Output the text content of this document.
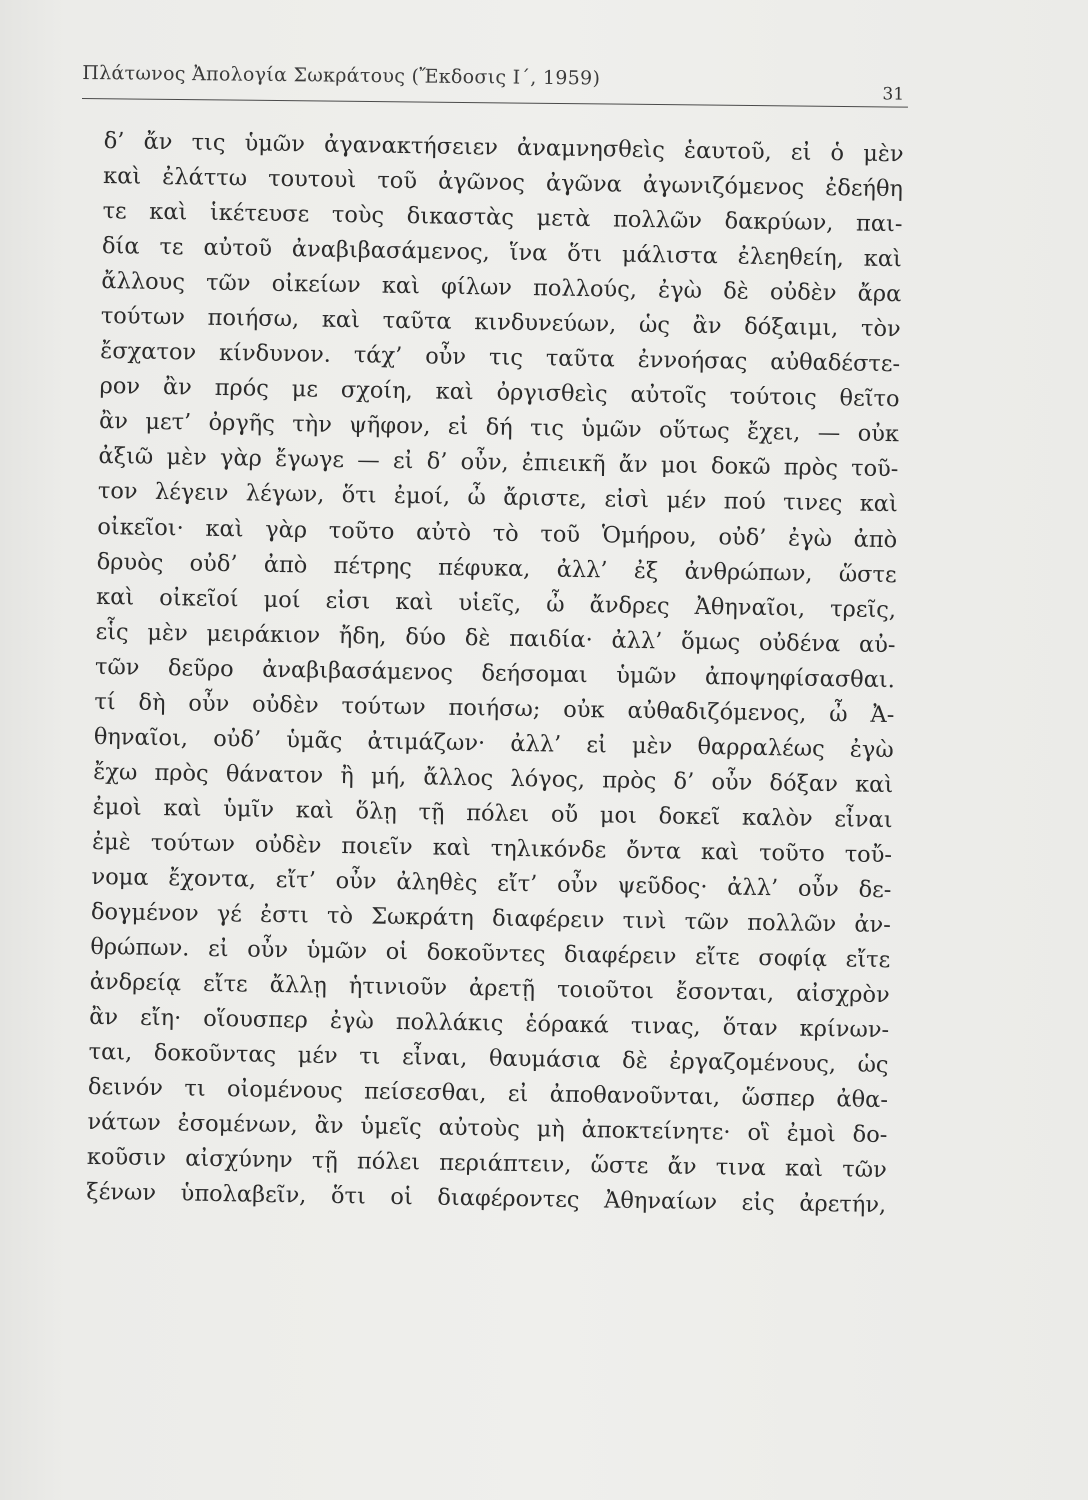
Πλάτωνος Ἀπολογία Σωκράτους (Ἔκδοσις Ι΄, 1959)
31
δ’ ἄν τις ὑμῶν ἀγανακτήσειεν ἀναμνησθεὶς ἑαυτοῦ, εἰ ὁ μὲν
καὶ ἐλάττω τουτουὶ τοῦ ἀγῶνος ἀγῶνα ἀγωνιζόμενος ἐδεήθη
τε καὶ ἱκέτευσε τοὺς δικαστὰς μετὰ πολλῶν δακρύων, παι-
δία τε αὐτοῦ ἀναβιβασάμενος, ἵνα ὅτι μάλιστα ἐλεηθείη, καὶ
ἄλλους τῶν οἰκείων καὶ φίλων πολλούς, ἐγὼ δὲ οὐδὲν ἄρα
τούτων ποιήσω, καὶ ταῦτα κινδυνεύων, ὡς ἂν δόξαιμι, τὸν
ἔσχατον κίνδυνον. τάχ’ οὖν τις ταῦτα ἐννοήσας αὐθαδέστε-
ρον ἂν πρός με σχοίη, καὶ ὀργισθεὶς αὐτοῖς τούτοις θεῖτο
ἂν μετ’ ὀργῆς τὴν ψῆφον, εἰ δή τις ὑμῶν οὕτως ἔχει, — οὐκ
ἀξιῶ μὲν γὰρ ἔγωγε — εἰ δ’ οὖν, ἐπιεικῆ ἄν μοι δοκῶ πρὸς τοῦ-
τον λέγειν λέγων, ὅτι ἐμοί, ὦ ἄριστε, εἰσὶ μέν πού τινες καὶ
οἰκεῖοι· καὶ γὰρ τοῦτο αὐτὸ τὸ τοῦ Ὁμήρου, οὐδ’ ἐγὼ ἀπὸ
δρυὸς οὐδ’ ἀπὸ πέτρης πέφυκα, ἀλλ’ ἐξ ἀνθρώπων, ὥστε
καὶ οἰκεῖοί μοί εἰσι καὶ υἱεῖς, ὦ ἄνδρες Ἀθηναῖοι, τρεῖς,
εἷς μὲν μειράκιον ἤδη, δύο δὲ παιδία· ἀλλ’ ὅμως οὐδένα αὐ-
τῶν δεῦρο ἀναβιβασάμενος δεήσομαι ὑμῶν ἀποψηφίσασθαι.
τί δὴ οὖν οὐδὲν τούτων ποιήσω; οὐκ αὐθαδιζόμενος, ὦ Ἀ-
θηναῖοι, οὐδ’ ὑμᾶς ἀτιμάζων· ἀλλ’ εἰ μὲν θαρραλέως ἐγὼ
ἔχω πρὸς θάνατον ἢ μή, ἄλλος λόγος, πρὸς δ’ οὖν δόξαν καὶ
ἐμοὶ καὶ ὑμῖν καὶ ὅλῃ τῇ πόλει οὔ μοι δοκεῖ καλὸν εἶναι
ἐμὲ τούτων οὐδὲν ποιεῖν καὶ τηλικόνδε ὄντα καὶ τοῦτο τοὔ-
νομα ἔχοντα, εἴτ’ οὖν ἀληθὲς εἴτ’ οὖν ψεῦδος· ἀλλ’ οὖν δε-
δογμένον γέ ἐστι τὸ Σωκράτη διαφέρειν τινὶ τῶν πολλῶν ἀν-
θρώπων. εἰ οὖν ὑμῶν οἱ δοκοῦντες διαφέρειν εἴτε σοφίᾳ εἴτε
ἀνδρείᾳ εἴτε ἄλλῃ ἡτινιοῦν ἀρετῇ τοιοῦτοι ἔσονται, αἰσχρὸν
ἂν εἴη· οἵουσπερ ἐγὼ πολλάκις ἑόρακά τινας, ὅταν κρίνων-
ται, δοκοῦντας μέν τι εἶναι, θαυμάσια δὲ ἐργαζομένους, ὡς
δεινόν τι οἰομένους πείσεσθαι, εἰ ἀποθανοῦνται, ὥσπερ ἀθα-
νάτων ἐσομένων, ἂν ὑμεῖς αὐτοὺς μὴ ἀποκτείνητε· οἳ ἐμοὶ δο-
κοῦσιν αἰσχύνην τῇ πόλει περιάπτειν, ὥστε ἄν τινα καὶ τῶν
ξένων ὑπολαβεῖν, ὅτι οἱ διαφέροντες Ἀθηναίων εἰς ἀρετήν,
